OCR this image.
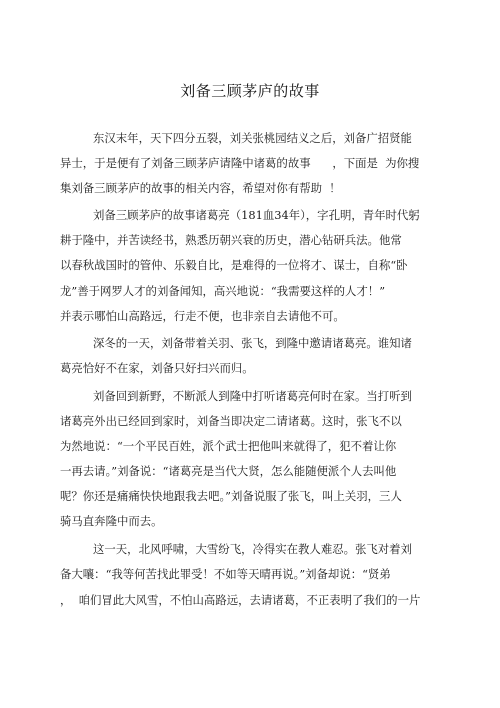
刘备三顾茅庐的故事
东汉末年，天下四分五裂，刘关张桃园结义之后，刘备广招贤能
异士，于是便有了刘备三顾茅庐请隆中诸葛的故事      ，下面是  为你搜
集刘备三顾茅庐的故事的相关内容，希望对你有帮助  ！
刘备三顾茅庐的故事诸葛亮（181血34年），字孔明，青年时代躬
耕于隆中，并苦读经书，熟悉历朝兴衰的历史，潜心钻研兵法。他常
以春秋战国时的管仲、乐毅自比，是难得的一位将才、谋士，自称“卧
龙”善于网罗人才的刘备闻知，高兴地说：“我需要这样的人才！”
并表示哪怕山高路远，行走不便，也非亲自去请他不可。
深冬的一天，刘备带着关羽、张飞，到隆中邀请诸葛亮。谁知诸
葛亮恰好不在家，刘备只好扫兴而归。
刘备回到新野，不断派人到隆中打听诸葛亮何时在家。当打听到
诸葛亮外出已经回到家时，刘备当即决定二请诸葛。这时，张飞不以
为然地说：“一个平民百姓，派个武士把他叫来就得了，犯不着让你
一再去请。”刘备说：“诸葛亮是当代大贤，怎么能随便派个人去叫他
呢？你还是痛痛快快地跟我去吧。”刘备说服了张飞，叫上关羽，三人
骑马直奔隆中而去。
这一天，北风呼啸，大雪纷飞，冷得实在教人难忍。张飞对着刘
备大嚷：“我等何苦找此罪受！不如等天晴再说。”刘备却说：“贤弟
，  咱们冒此大风雪，不怕山高路远，去请诸葛，不正表明了我们的一片
